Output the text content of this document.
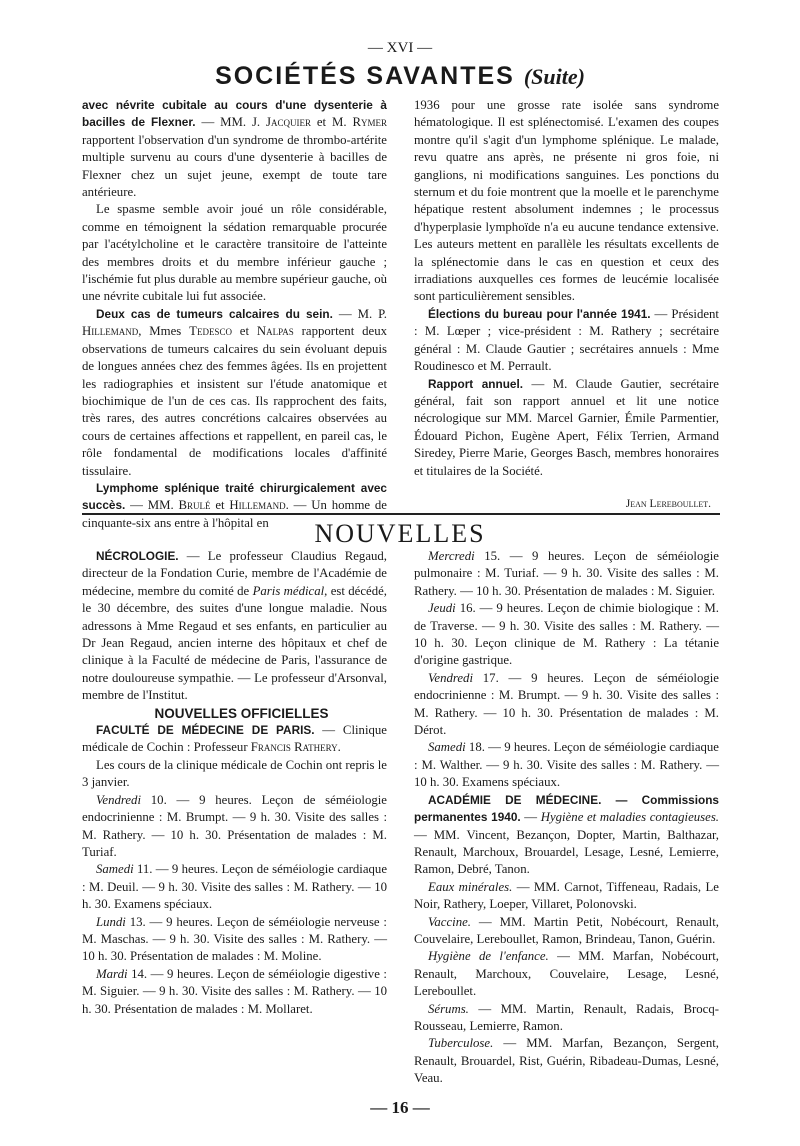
— XVI —
SOCIÉTÉS SAVANTES (Suite)

avec névrite cubitale au cours d'une dysenterie à bacilles de Flexner. — MM. J. Jacquier et M. Rymer rapportent l'observation d'un syndrome de thrombo-artérite multiple survenu au cours d'une dysenterie à bacilles de Flexner chez un sujet jeune, exempt de toute tare antérieure.

Le spasme semble avoir joué un rôle considérable, comme en témoignent la sédation remarquable procurée par l'acétylcholine et le caractère transitoire de l'atteinte des membres droits et du membre inférieur gauche ; l'ischémie fut plus durable au membre supérieur gauche, où une névrite cubitale lui fut associée.

Deux cas de tumeurs calcaires du sein. — M. P. Hillemand, Mmes Tedesco et Nalpas rapportent deux observations de tumeurs calcaires du sein évoluant depuis de longues années chez des femmes âgées. Ils en projettent les radiographies et insistent sur l'étude anatomique et biochimique de l'un de ces cas. Ils rapprochent des faits, très rares, des autres concrétions calcaires observées au cours de certaines affections et rappellent, en pareil cas, le rôle fondamental de modifications locales d'affinité tissulaire.

Lymphome splénique traité chirurgicalement avec succès. — MM. Brulé et Hillemand. — Un homme de cinquante-six ans entre à l'hôpital en

1936 pour une grosse rate isolée sans syndrome hématologique. Il est splénectomisé. L'examen des coupes montre qu'il s'agit d'un lymphome splénique. Le malade, revu quatre ans après, ne présente ni gros foie, ni ganglions, ni modifications sanguines. Les ponctions du sternum et du foie montrent que la moelle et le parenchyme hépatique restent absolument indemnes ; le processus d'hyperplasie lymphoïde n'a eu aucune tendance extensive. Les auteurs mettent en parallèle les résultats excellents de la splénectomie dans le cas en question et ceux des irradiations auxquelles ces formes de leucémie localisée sont particulièrement sensibles.

Élections du bureau pour l'année 1941. — Président : M. Lœper ; vice-président : M. Rathery ; secrétaire général : M. Claude Gautier ; secrétaires annuels : Mme Roudinesco et M. Perrault.

Rapport annuel. — M. Claude Gautier, secrétaire général, fait son rapport annuel et lit une notice nécrologique sur MM. Marcel Garnier, Émile Parmentier, Édouard Pichon, Eugène Apert, Félix Terrien, Armand Siredey, Pierre Marie, Georges Basch, membres honoraires et titulaires de la Société.

Jean Lereboullet.
NOUVELLES

NÉCROLOGIE. — Le professeur Claudius Regaud, directeur de la Fondation Curie, membre de l'Académie de médecine, membre du comité de Paris médical, est décédé, le 30 décembre, des suites d'une longue maladie. Nous adressons à Mme Regaud et ses enfants, en particulier au Dr Jean Regaud, ancien interne des hôpitaux et chef de clinique à la Faculté de médecine de Paris, l'assurance de notre douloureuse sympathie. — Le professeur d'Arsonval, membre de l'Institut.

NOUVELLES OFFICIELLES

FACULTÉ DE MÉDECINE DE PARIS. — Clinique médicale de Cochin : Professeur Francis Rathery.

Les cours de la clinique médicale de Cochin ont repris le 3 janvier.

Vendredi 10. — 9 heures. Leçon de séméiologie endocrinienne : M. Brumpt. — 9 h. 30. Visite des salles : M. Rathery. — 10 h. 30. Présentation de malades : M. Turiaf.

Samedi 11. — 9 heures. Leçon de séméiologie cardiaque : M. Deuil. — 9 h. 30. Visite des salles : M. Rathery. — 10 h. 30. Examens spéciaux.

Lundi 13. — 9 heures. Leçon de séméiologie nerveuse : M. Maschas. — 9 h. 30. Visite des salles : M. Rathery. — 10 h. 30. Présentation de malades : M. Moline.

Mardi 14. — 9 heures. Leçon de séméiologie digestive : M. Siguier. — 9 h. 30. Visite des salles : M. Rathery. — 10 h. 30. Présentation de malades : M. Mollaret.

Mercredi 15. — 9 heures. Leçon de séméiologie pulmonaire : M. Turiaf. — 9 h. 30. Visite des salles : M. Rathery. — 10 h. 30. Présentation de malades : M. Siguier.

Jeudi 16. — 9 heures. Leçon de chimie biologique : M. de Traverse. — 9 h. 30. Visite des salles : M. Rathery. — 10 h. 30. Leçon clinique de M. Rathery : La tétanie d'origine gastrique.

Vendredi 17. — 9 heures. Leçon de séméiologie endocrinienne : M. Brumpt. — 9 h. 30. Visite des salles : M. Rathery. — 10 h. 30. Présentation de malades : M. Dérot.

Samedi 18. — 9 heures. Leçon de séméiologie cardiaque : M. Walther. — 9 h. 30. Visite des salles : M. Rathery. — 10 h. 30. Examens spéciaux.

ACADÉMIE DE MÉDECINE. — Commissions permanentes 1940. — Hygiène et maladies contagieuses. — MM. Vincent, Bezançon, Dopter, Martin, Balthazar, Renault, Marchoux, Brouardel, Lesage, Lesné, Lemierre, Ramon, Debré, Tanon.

Eaux minérales. — MM. Carnot, Tiffeneau, Radais, Le Noir, Rathery, Loeper, Villaret, Polonovski.

Vaccine. — MM. Martin Petit, Nobécourt, Renault, Couvelaire, Lereboullet, Ramon, Brindeau, Tanon, Guérin.

Hygiène de l'enfance. — MM. Marfan, Nobécourt, Renault, Marchoux, Couvelaire, Lesage, Lesné, Lereboullet.

Sérums. — MM. Martin, Renault, Radais, Brocq-Rousseau, Lemierre, Ramon.

Tuberculose. — MM. Marfan, Bezançon, Sergent, Renault, Brouardel, Rist, Guérin, Ribadeau-Dumas, Lesné, Veau.

— 16 —
